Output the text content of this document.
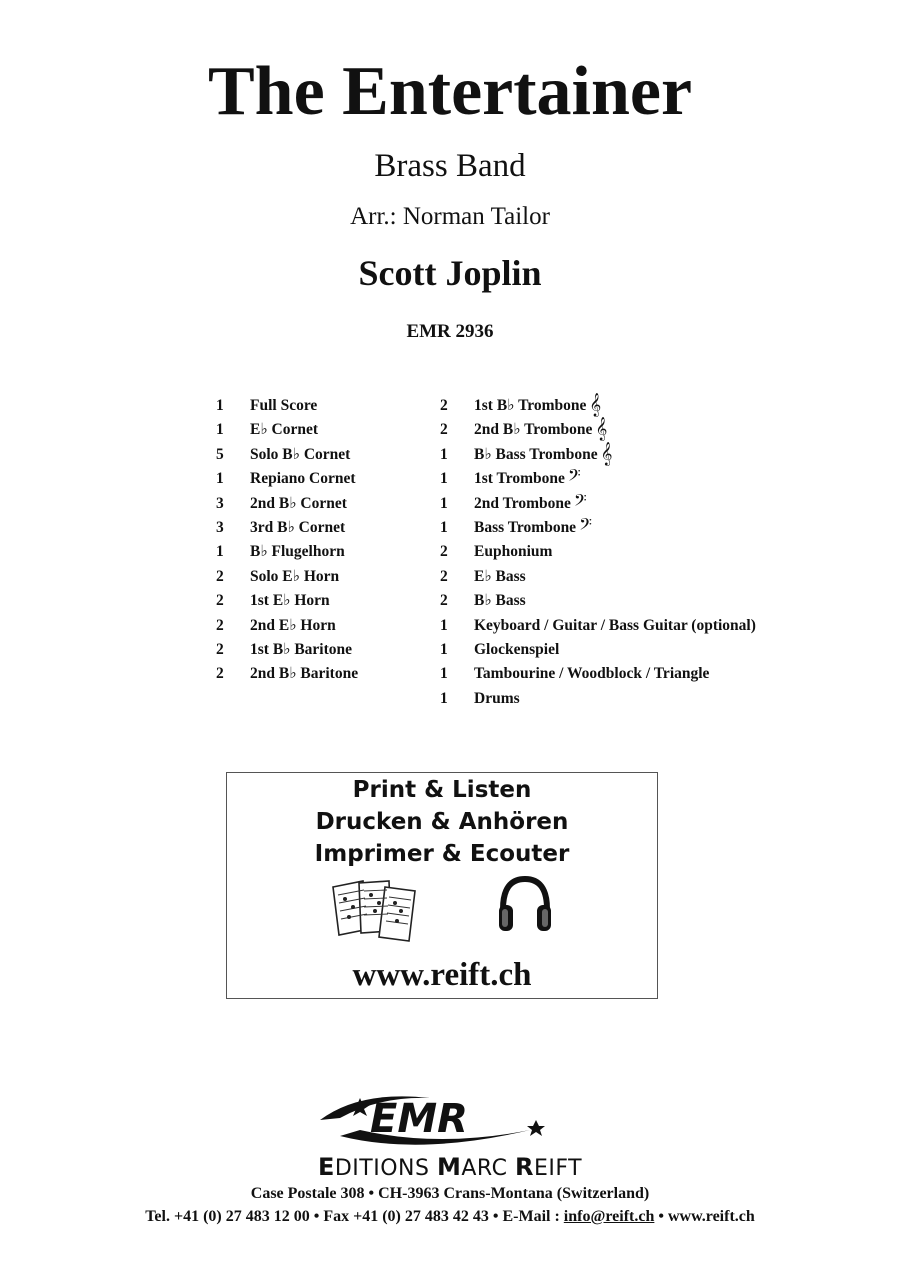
The Entertainer
Brass Band
Arr.: Norman Tailor
Scott Joplin
EMR 2936
1	Full Score
1	E♭ Cornet
5	Solo B♭ Cornet
1	Repiano Cornet
3	2nd B♭ Cornet
3	3rd B♭ Cornet
1	B♭ Flugelhorn
2	Solo E♭ Horn
2	1st E♭ Horn
2	2nd E♭ Horn
2	1st B♭ Baritone
2	2nd B♭ Baritone
2	1st B♭ Trombone 𝄞
2	2nd B♭ Trombone 𝄞
1	B♭ Bass Trombone 𝄞
1	1st Trombone 𝄢
1	2nd Trombone 𝄢
1	Bass Trombone 𝄢
2	Euphonium
2	E♭ Bass
2	B♭ Bass
1	Keyboard / Guitar / Bass Guitar (optional)
1	Glockenspiel
1	Tambourine / Woodblock / Triangle
1	Drums
Print & Listen
Drucken & Anhören
Imprimer & Ecouter
www.reift.ch
EMR
EDITIONS MARC REIFT
Case Postale 308 • CH-3963 Crans-Montana (Switzerland)
Tel. +41 (0) 27 483 12 00 • Fax +41 (0) 27 483 42 43 • E-Mail : info@reift.ch • www.reift.ch
